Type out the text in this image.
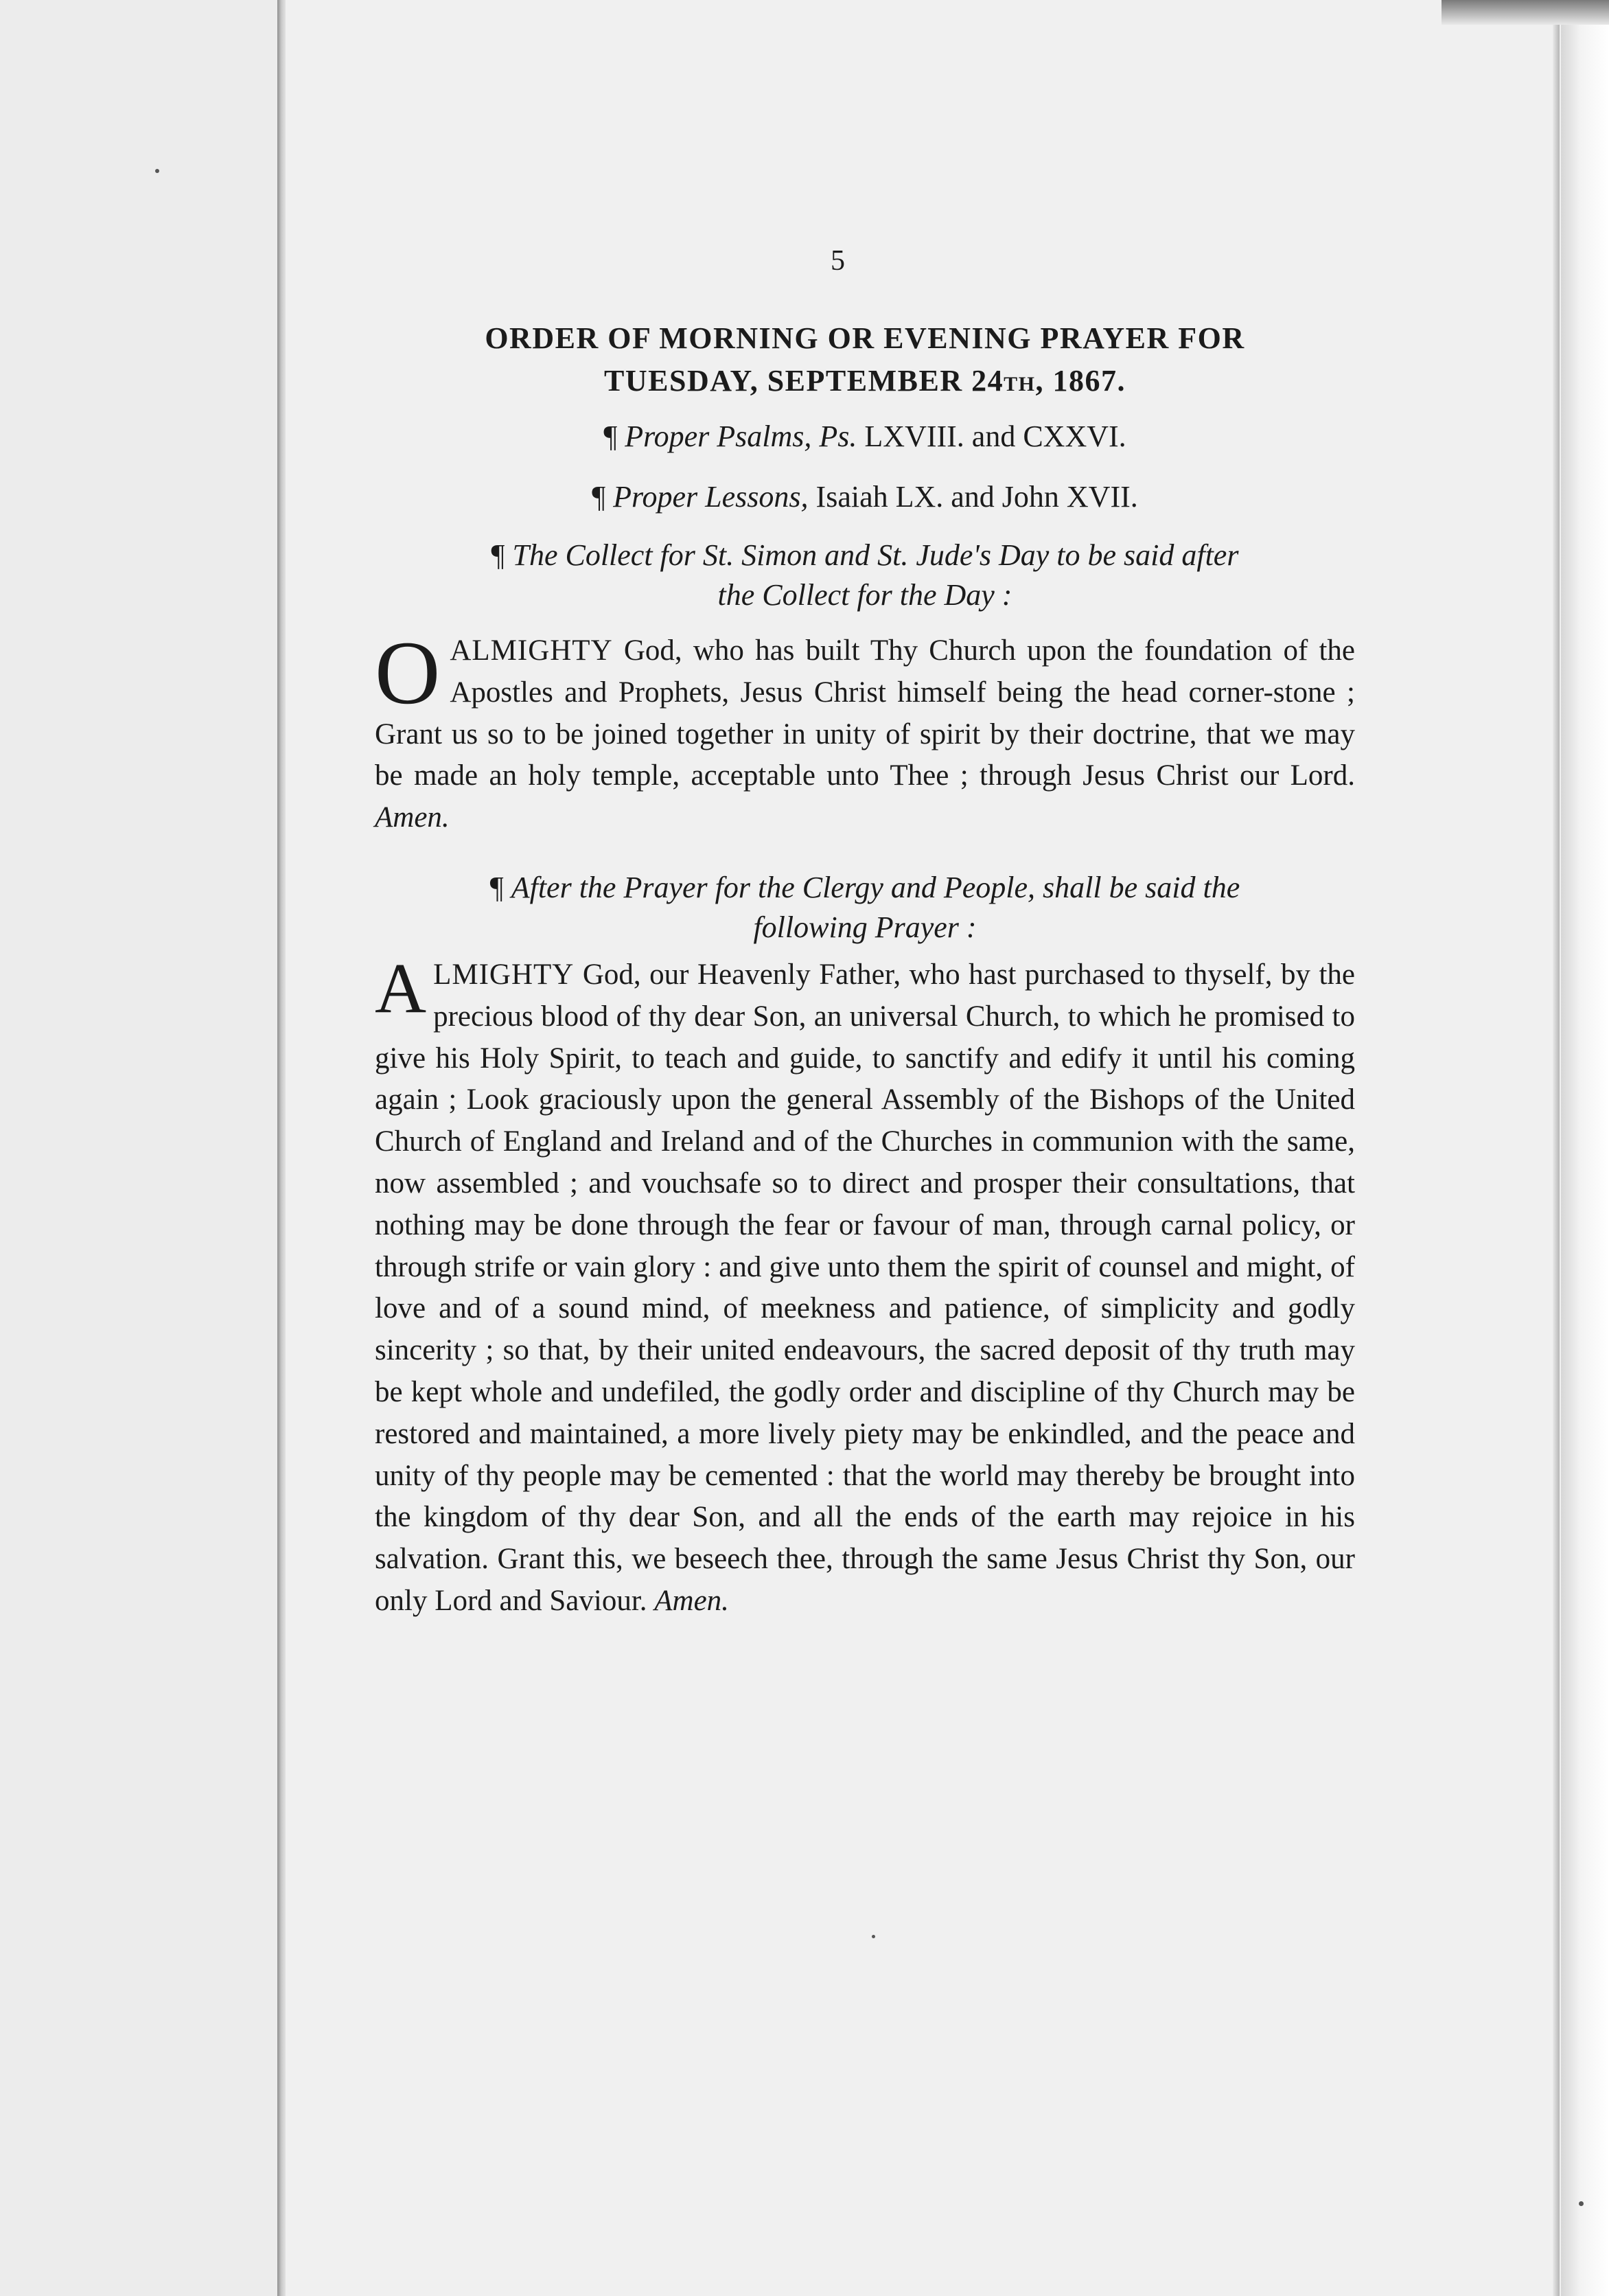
5
ORDER OF MORNING OR EVENING PRAYER FOR
TUESDAY, SEPTEMBER 24TH, 1867.
¶ Proper Psalms, Ps. LXVIII. and CXXVI.
¶ Proper Lessons, Isaiah LX. and John XVII.
¶ The Collect for St. Simon and St. Jude's Day to be said after
the Collect for the Day :
O ALMIGHTY God, who has built Thy Church upon the foundation of the Apostles and Prophets, Jesus Christ himself being the head corner-stone ; Grant us so to be joined together in unity of spirit by their doctrine, that we may be made an holy temple, acceptable unto Thee ; through Jesus Christ our Lord. Amen.
¶ After the Prayer for the Clergy and People, shall be said the
following Prayer :
A LMIGHTY God, our Heavenly Father, who hast purchased to thyself, by the precious blood of thy dear Son, an universal Church, to which he promised to give his Holy Spirit, to teach and guide, to sanctify and edify it until his coming again ; Look graciously upon the general Assembly of the Bishops of the United Church of England and Ireland and of the Churches in communion with the same, now assembled ; and vouchsafe so to direct and prosper their consultations, that nothing may be done through the fear or favour of man, through carnal policy, or through strife or vain glory : and give unto them the spirit of counsel and might, of love and of a sound mind, of meekness and patience, of simplicity and godly sincerity ; so that, by their united endeavours, the sacred deposit of thy truth may be kept whole and undefiled, the godly order and discipline of thy Church may be restored and maintained, a more lively piety may be enkindled, and the peace and unity of thy people may be cemented : that the world may thereby be brought into the kingdom of thy dear Son, and all the ends of the earth may rejoice in his salvation. Grant this, we beseech thee, through the same Jesus Christ thy Son, our only Lord and Saviour. Amen.
